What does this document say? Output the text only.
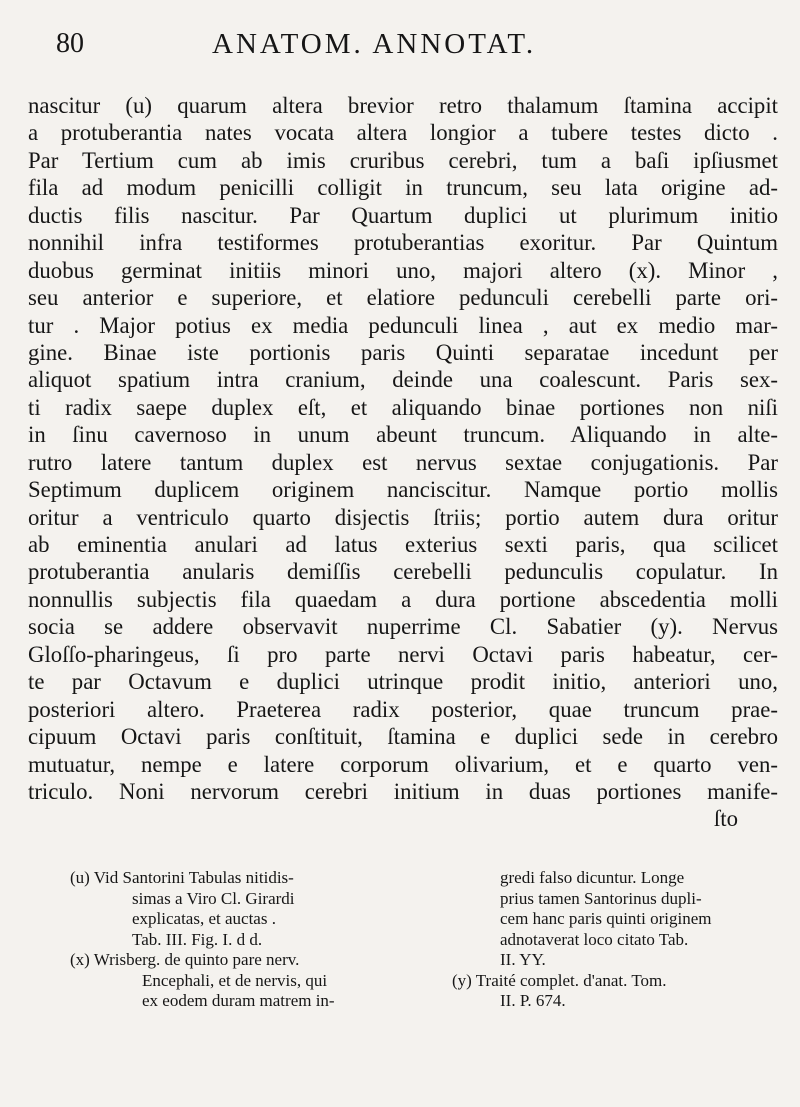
80	ANATOM. ANNOTAT.
nascitur (u) quarum altera brevior retro thalamum ſtamina accipit
a protuberantia nates vocata altera longior a tubere testes dicto .
Par Tertium cum ab imis cruribus cerebri, tum a baſi ipſiusmet
fila ad modum penicilli colligit in truncum, seu lata origine ad-
ductis filis nascitur. Par Quartum duplici ut plurimum initio
nonnihil infra testiformes protuberantias exoritur. Par Quintum
duobus germinat initiis minori uno, majori altero (x). Minor ,
seu anterior e superiore, et elatiore pedunculi cerebelli parte ori-
tur . Major potius ex media pedunculi linea , aut ex medio mar-
gine. Binae iste portionis paris Quinti separatae incedunt per
aliquot spatium intra cranium, deinde una coalescunt. Paris sex-
ti radix saepe duplex eſt, et aliquando binae portiones non niſi
in ſinu cavernoso in unum abeunt truncum. Aliquando in alte-
rutro latere tantum duplex est nervus sextae conjugationis. Par
Septimum duplicem originem nanciscitur. Namque portio mollis
oritur a ventriculo quarto disjectis ſtriis; portio autem dura oritur
ab eminentia anulari ad latus exterius sexti paris, qua scilicet
protuberantia anularis demiſſis cerebelli pedunculis copulatur. In
nonnullis subjectis fila quaedam a dura portione abscedentia molli
socia se addere observavit nuperrime Cl. Sabatier (y). Nervus
Gloſſo-pharingeus, ſi pro parte nervi Octavi paris habeatur, cer-
te par Octavum e duplici utrinque prodit initio, anteriori uno,
posteriori altero. Praeterea radix posterior, quae truncum prae-
cipuum Octavi paris conſtituit, ſtamina e duplici sede in cerebro
mutuatur, nempe e latere corporum olivarium, et e quarto ven-
triculo. Noni nervorum cerebri initium in duas portiones manife-
ſto
(u) Vid Santorini Tabulas nitidis-
simas a Viro Cl. Girardi
explicatas, et auctas .
Tab. III. Fig. I. d d.
(x) Wrisberg. de quinto pare nerv.
Encephali, et de nervis, qui
ex eodem duram matrem in-
gredi falso dicuntur. Longe
prius tamen Santorinus dupli-
cem hanc paris quinti originem
adnotaverat loco citato Tab.
II. YY.
(y) Traité complet. d'anat. Tom.
II. P. 674.
